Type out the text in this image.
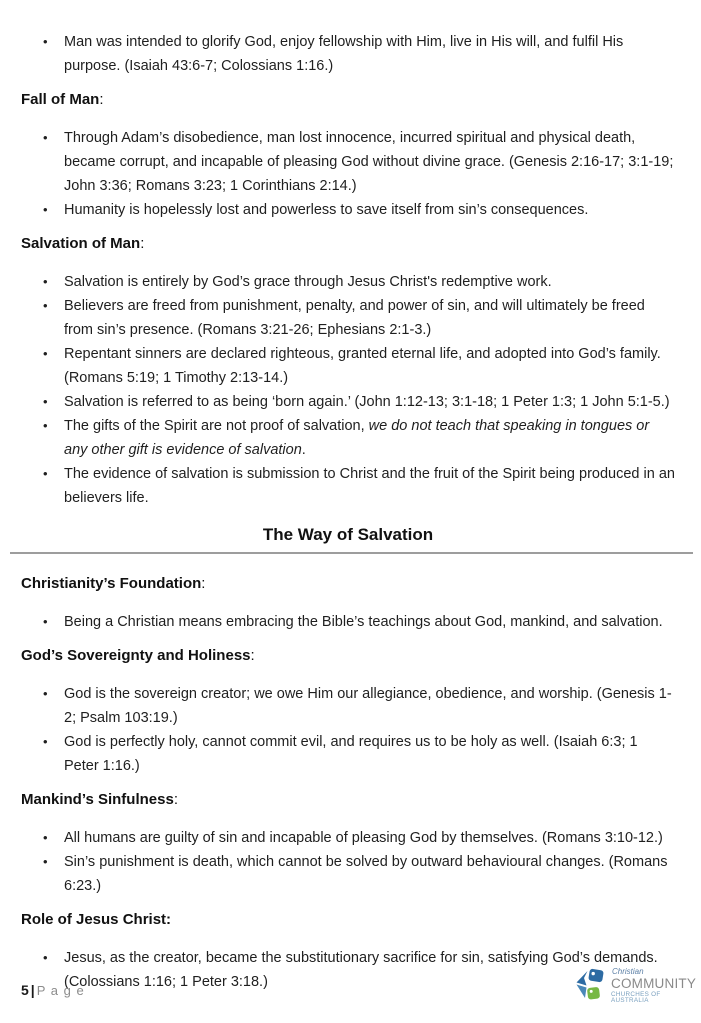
• Man was intended to glorify God, enjoy fellowship with Him, live in His will, and fulfil His purpose. (Isaiah 43:6-7; Colossians 1:16.)

Fall of Man:

• Through Adam’s disobedience, man lost innocence, incurred spiritual and physical death, became corrupt, and incapable of pleasing God without divine grace. (Genesis 2:16-17; 3:1-19; John 3:36; Romans 3:23; 1 Corinthians 2:14.)
• Humanity is hopelessly lost and powerless to save itself from sin’s consequences.

Salvation of Man:

• Salvation is entirely by God’s grace through Jesus Christ's redemptive work.
• Believers are freed from punishment, penalty, and power of sin, and will ultimately be freed from sin’s presence. (Romans 3:21-26; Ephesians 2:1-3.)
• Repentant sinners are declared righteous, granted eternal life, and adopted into God’s family. (Romans 5:19; 1 Timothy 2:13-14.)
• Salvation is referred to as being ‘born again.’ (John 1:12-13; 3:1-18; 1 Peter 1:3; 1 John 5:1-5.)
• The gifts of the Spirit are not proof of salvation, we do not teach that speaking in tongues or any other gift is evidence of salvation.
• The evidence of salvation is submission to Christ and the fruit of the Spirit being produced in an believers life.

The Way of Salvation

Christianity’s Foundation:

• Being a Christian means embracing the Bible’s teachings about God, mankind, and salvation.

God’s Sovereignty and Holiness:

• God is the sovereign creator; we owe Him our allegiance, obedience, and worship. (Genesis 1-2; Psalm 103:19.)
• God is perfectly holy, cannot commit evil, and requires us to be holy as well. (Isaiah 6:3; 1 Peter 1:16.)

Mankind’s Sinfulness:

• All humans are guilty of sin and incapable of pleasing God by themselves. (Romans 3:10-12.)
• Sin’s punishment is death, which cannot be solved by outward behavioural changes. (Romans 6:23.)

Role of Jesus Christ:

• Jesus, as the creator, became the substitutionary sacrifice for sin, satisfying God’s demands. (Colossians 1:16; 1 Peter 3:18.)
5 | P a g e
Christian
COMMUNITY
CHURCHES OF AUSTRALIA
